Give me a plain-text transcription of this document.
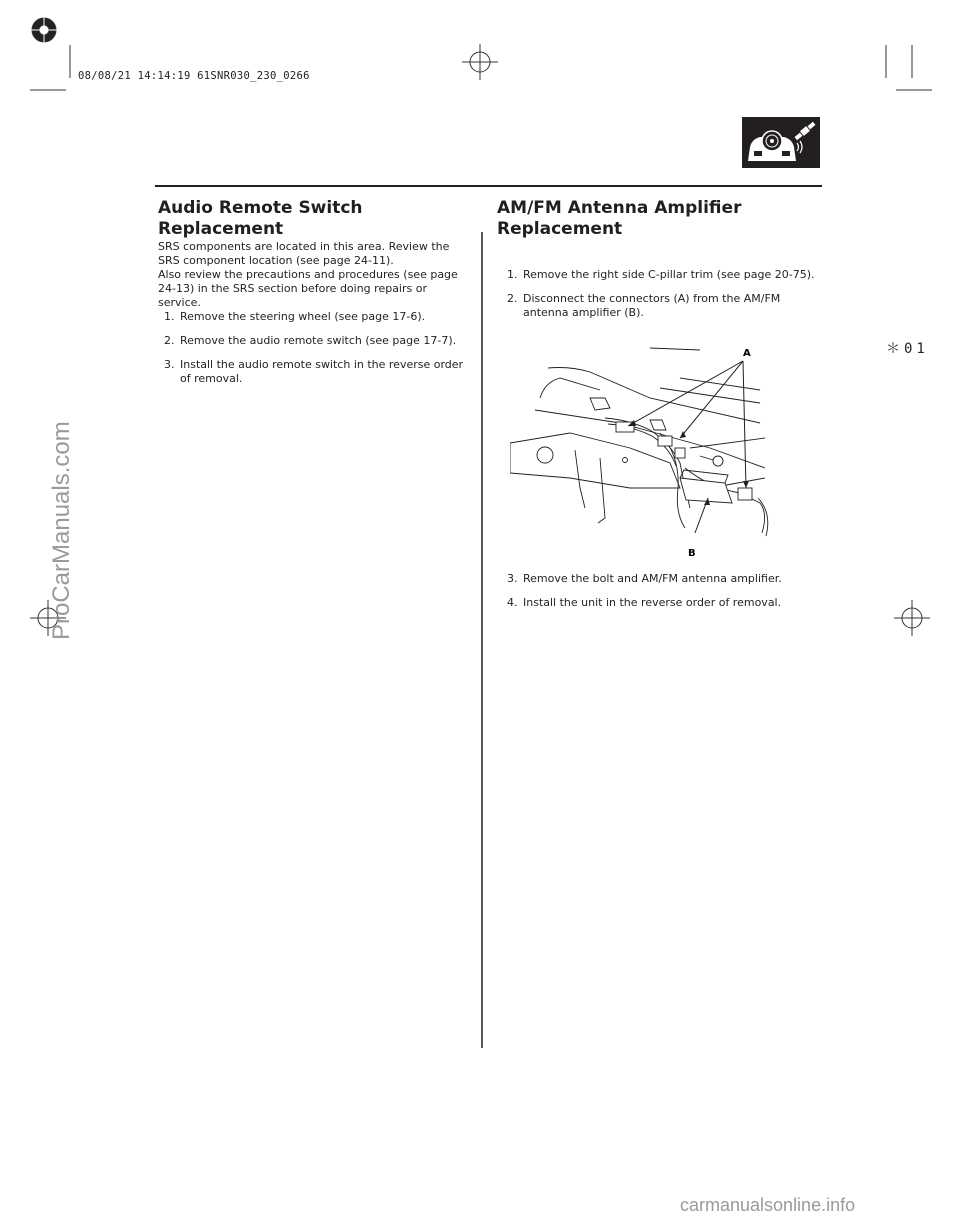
08/08/21 14:14:19 61SNR030_230_0266
＊01
Audio Remote Switch Replacement
SRS components are located in this area. Review the
SRS component location (see page 24-11).
Also review the precautions and procedures (see page
24-13) in the SRS section before doing repairs or
service.
1. Remove the steering wheel (see page 17-6).
2. Remove the audio remote switch (see page 17-7).
3. Install the audio remote switch in the reverse order
of removal.
AM/FM Antenna Amplifier
Replacement
1. Remove the right side C-pillar trim (see page 20-75).
2. Disconnect the connectors (A) from the AM/FM
antenna amplifier (B).
A
B
3. Remove the bolt and AM/FM antenna amplifier.
4. Install the unit in the reverse order of removal.
ProCarManuals.com
carmanualsonline.info
